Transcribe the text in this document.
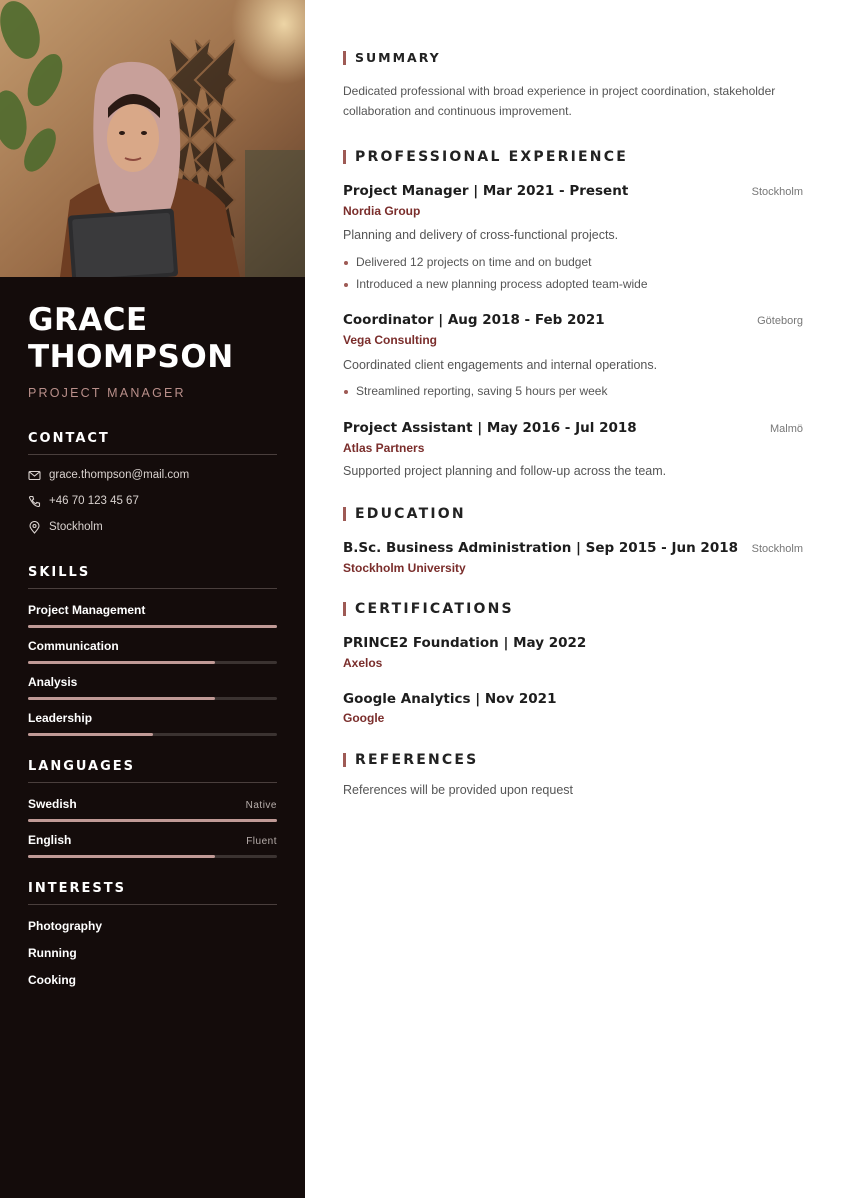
GRACE
THOMPSON
PROJECT MANAGER
CONTACT
grace.thompson@mail.com
+46 70 123 45 67
Stockholm
SKILLS
Project Management
Communication
Analysis
Leadership
LANGUAGES
Swedish	Native
English	Fluent
INTERESTS
Photography
Running
Cooking
SUMMARY
Dedicated professional with broad experience in project coordination, stakeholder collaboration and continuous improvement.
PROFESSIONAL EXPERIENCE
Project Manager | Mar 2021 - Present	Stockholm
Nordia Group
Planning and delivery of cross-functional projects.
Delivered 12 projects on time and on budget
Introduced a new planning process adopted team-wide
Coordinator | Aug 2018 - Feb 2021	Göteborg
Vega Consulting
Coordinated client engagements and internal operations.
Streamlined reporting, saving 5 hours per week
Project Assistant | May 2016 - Jul 2018	Malmö
Atlas Partners
Supported project planning and follow-up across the team.
EDUCATION
B.Sc. Business Administration | Sep 2015 - Jun 2018 Stockholm
Stockholm University
CERTIFICATIONS
PRINCE2 Foundation | May 2022
Axelos
Google Analytics | Nov 2021
Google
REFERENCES
References will be provided upon request
